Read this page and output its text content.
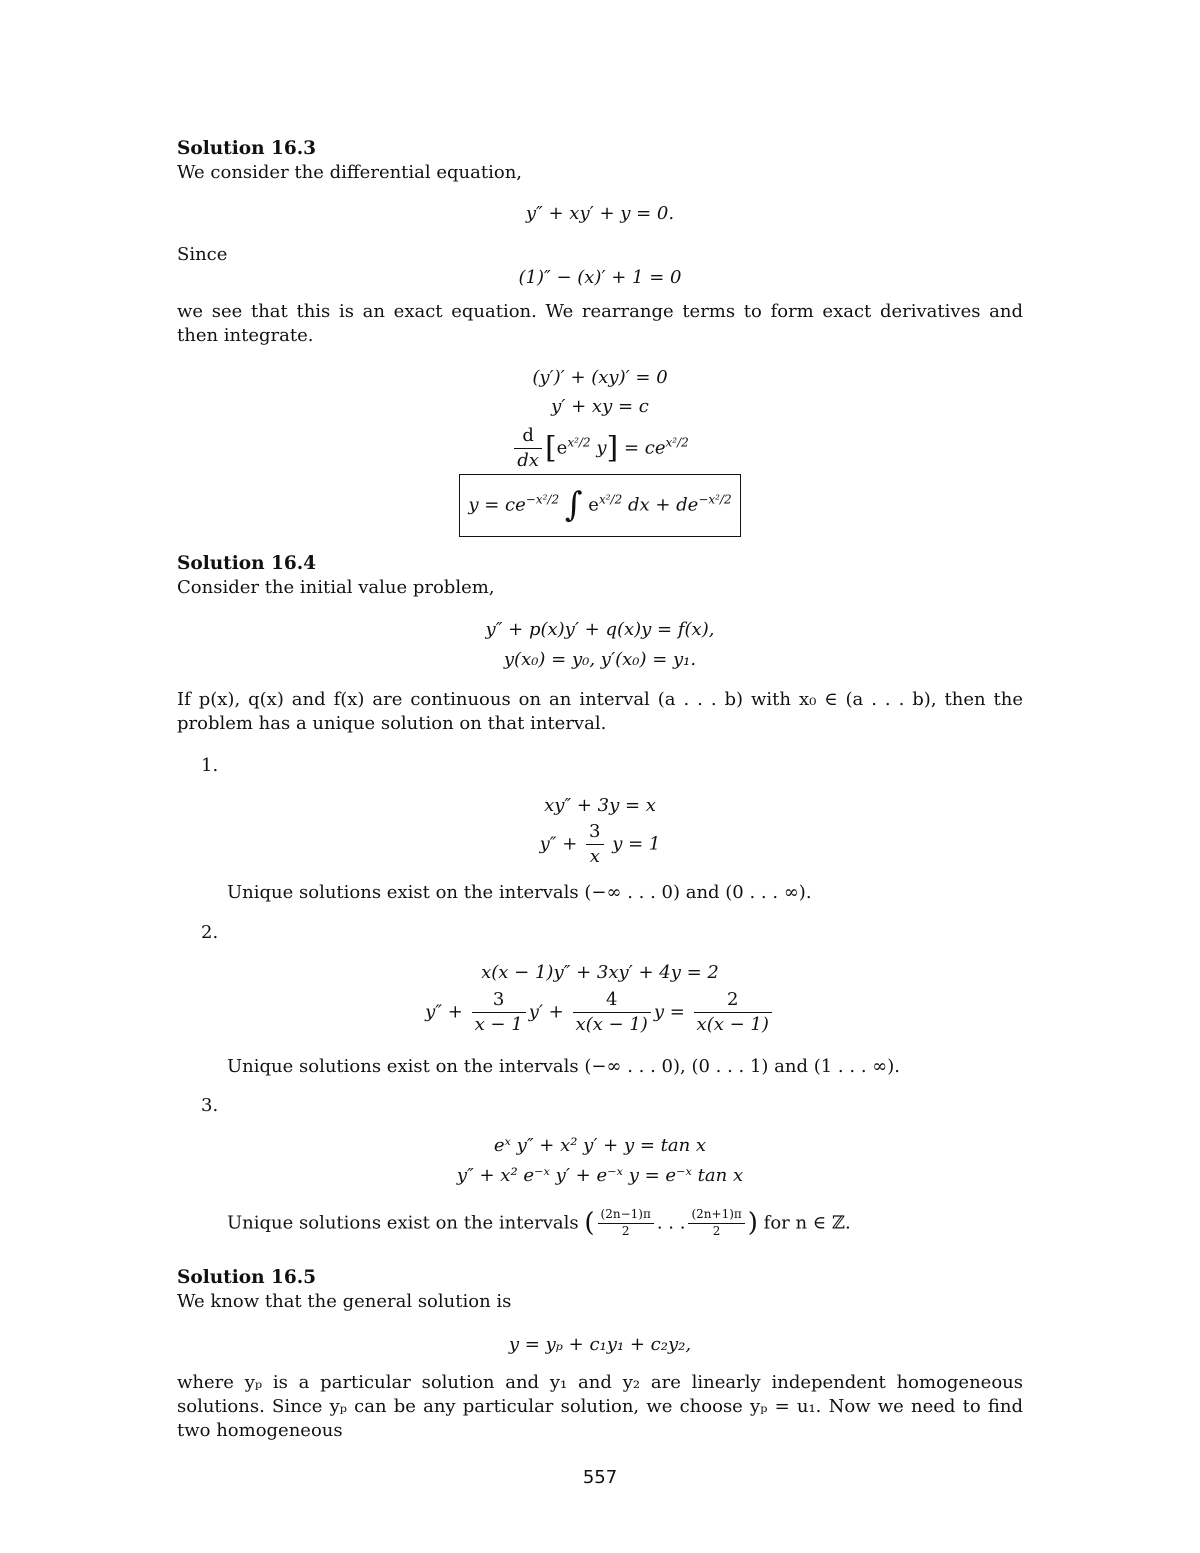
Solution 16.3
We consider the differential equation,
y″ + xy′ + y = 0.
Since
(1)″ − (x)′ + 1 = 0
we see that this is an exact equation. We rearrange terms to form exact derivatives and then integrate.
(y′)′ + (xy)′ = 0
y′ + xy = c
$\frac{d}{dx} [e^{x^2/2}$ $y] = ce^{x^2/2}$
$y = ce^{-x^2/2}$ ∫ $e^{x^2/2}$ dx + $de^{-x^2/2}$
Solution 16.4
Consider the initial value problem,
y″ + p(x)y′ + q(x)y = f(x),
y(x₀) = y₀, y′(x₀) = y₁.
If p(x), q(x) and f(x) are continuous on an interval (a . . . b) with x₀ ∈ (a . . . b), then the problem has a unique solution on that interval.
1.
xy″ + 3y = x
$y'' + \frac{3}{x}$ y = 1
Unique solutions exist on the intervals (−∞ . . . 0) and (0 . . . ∞).
2.
x(x − 1)y″ + 3xy′ + 4y = 2
$y'' + \frac{3}{x - 1} y' + \frac{4}{x(x - 1)}$ $y = \frac{2}{x(x - 1)}$
Unique solutions exist on the intervals (−∞ . . . 0), (0 . . . 1) and (1 . . . ∞).
3.
eˣ y″ + x² y′ + y = tan x
y″ + x² e⁻ˣ y′ + e⁻ˣ y = e⁻ˣ tan x
Unique solutions exist on the intervals ( $\frac{(2n-1)\pi}{2}$ . . . $\frac{(2n+1)\pi}{2}$ ) for n ∈ ℤ.
Solution 16.5
We know that the general solution is
y = yₚ + c₁y₁ + c₂y₂,
where yₚ is a particular solution and y₁ and y₂ are linearly independent homogeneous solutions. Since yₚ can be any particular solution, we choose yₚ = u₁. Now we need to find two homogeneous
557
